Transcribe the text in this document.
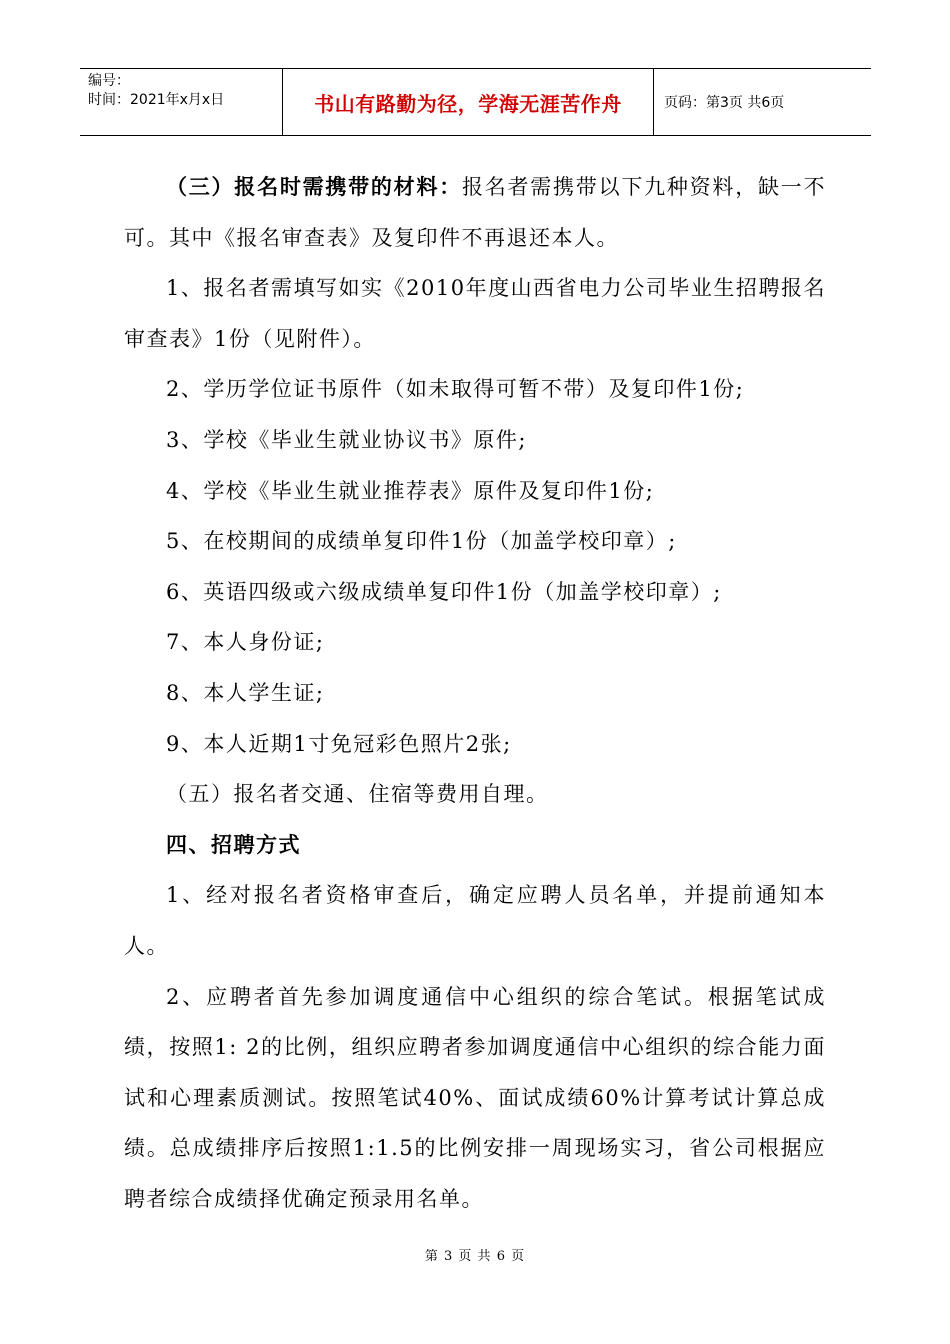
编号：
时间：2021年x月x日	书山有路勤为径，学海无涯苦作舟	页码：第3页 共6页

（三）报名时需携带的材料：报名者需携带以下九种资料，缺一不可。其中《报名审查表》及复印件不再退还本人。

1、报名者需填写如实《2010年度山西省电力公司毕业生招聘报名审查表》1份（见附件）。

2、学历学位证书原件（如未取得可暂不带）及复印件1份;

3、学校《毕业生就业协议书》原件;

4、学校《毕业生就业推荐表》原件及复印件1份;

5、在校期间的成绩单复印件1份（加盖学校印章）;

6、英语四级或六级成绩单复印件1份（加盖学校印章）;

7、本人身份证;

8、本人学生证;

9、本人近期1寸免冠彩色照片2张;

（五）报名者交通、住宿等费用自理。

四、招聘方式

1、经对报名者资格审查后，确定应聘人员名单，并提前通知本人。

2、应聘者首先参加调度通信中心组织的综合笔试。根据笔试成绩，按照1: 2的比例，组织应聘者参加调度通信中心组织的综合能力面试和心理素质测试。按照笔试40%、面试成绩60%计算考试计算总成绩。总成绩排序后按照1:1.5的比例安排一周现场实习，省公司根据应聘者综合成绩择优确定预录用名单。

第 3 页 共 6 页
